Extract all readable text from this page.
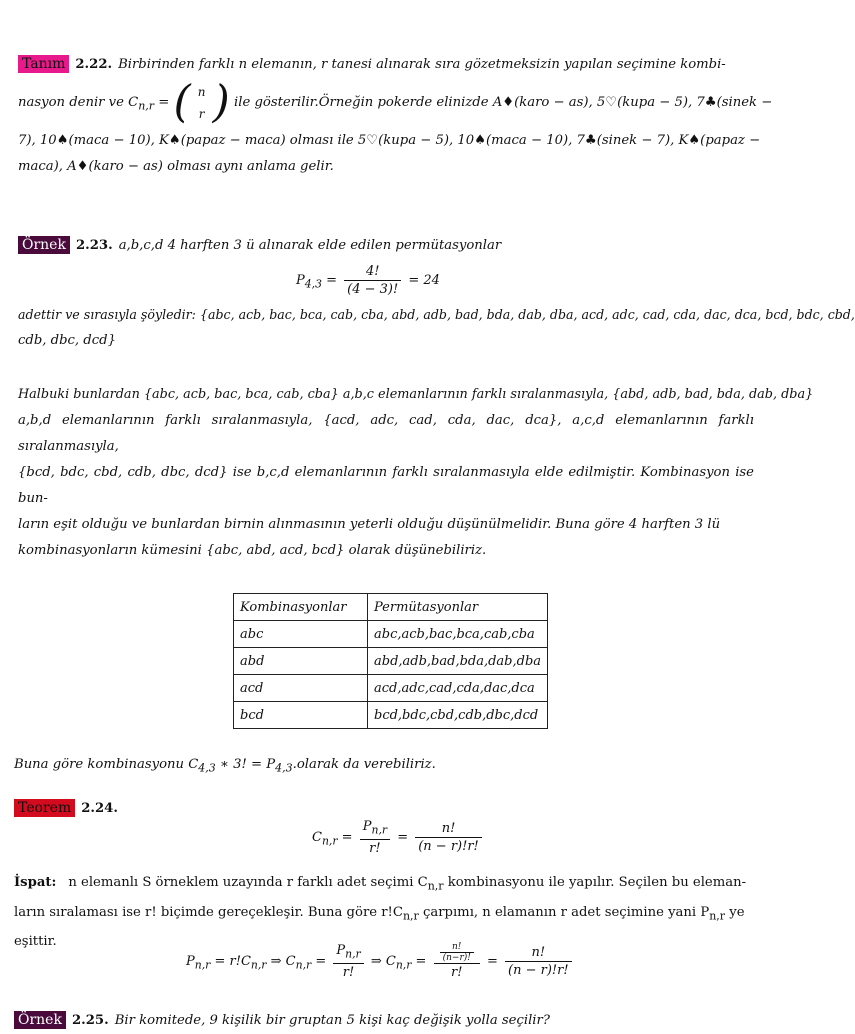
Tanım 2.22. Birbirinden farklı n elemanın, r tanesi alınarak sıra gözetmeksizin yapılan seçimine kombi-
nasyon denir ve $C_{n,r}$ = ( n
r ) ile gösterilir.Örneğin pokerde elinizde A♦(karo − as), 5♡(kupa − 5), 7♣(sinek −
7), 10♠(maca − 10), K♠(papaz − maca) olması ile 5♡(kupa − 5), 10♠(maca − 10), 7♣(sinek − 7), K♠(papaz −
maca), A♦(karo − as) olması aynı anlama gelir.
Örnek 2.23. a,b,c,d 4 harften 3 ü alınarak elde edilen permütasyonlar
$P_{4,3} = \frac{4!}{(4 - 3)!} = 24$
adettir ve sırasıyla şöyledir: {abc, acb, bac, bca, cab, cba, abd, adb, bad, bda, dab, dba, acd, adc, cad, cda, dac, dca, bcd, bdc, cbd,
cdb, dbc, dcd}
Halbuki bunlardan {abc, acb, bac, bca, cab, cba} a,b,c elemanlarının farklı sıralanmasıyla, {abd, adb, bad, bda, dab, dba}
a,b,d elemanlarının farklı sıralanmasıyla, {acd, adc, cad, cda, dac, dca}, a,c,d elemanlarının farklı sıralanmasıyla,
{bcd, bdc, cbd, cdb, dbc, dcd} ise b,c,d elemanlarının farklı sıralanmasıyla elde edilmiştir. Kombinasyon ise bun-
ların eşit olduğu ve bunlardan birnin alınmasının yeterli olduğu düşünülmelidir. Buna göre 4 harften 3 lü
kombinasyonların kümesini {abc, abd, acd, bcd} olarak düşünebiliriz.
Kombinasyonlar	Permütasyonlar
abc	abc,acb,bac,bca,cab,cba
abd	abd,adb,bad,bda,dab,dba
acd	acd,adc,cad,cda,dac,dca
bcd	bcd,bdc,cbd,cdb,dbc,dcd
Buna göre kombinasyonu $C_{4,3}$ ∗ 3! = $P_{4,3}.olarak$ da verebiliriz.
Teorem 2.24.
$C_{n,r} = \frac{P_{n,r}}{r!} = \frac{n!}{(n - r)!r!}$
İspat: n elemanlı S örneklem uzayında r farklı adet seçimi $C_{n,r}$ kombinasyonu ile yapılır. Seçilen bu eleman-
ların sıralaması ise r! biçimde gereçekleşir. Buna göre $r!C_{n,r}$ çarpımı, n elamanın r adet seçimine yani $P_{n,r}$ ye
eşittir.
$P_{n,r} = r!C_{n,r}$ ⇒ $C_{n,r} = \frac{P_{n,r}}{r!}$ ⇒ $C_{n,r} = \frac{\frac{n!}{(n-r)!}}{r!} = \frac{n!}{(n - r)!r!}$
Örnek 2.25. Bir komitede, 9 kişilik bir gruptan 5 kişi kaç değişik yolla seçilir?
